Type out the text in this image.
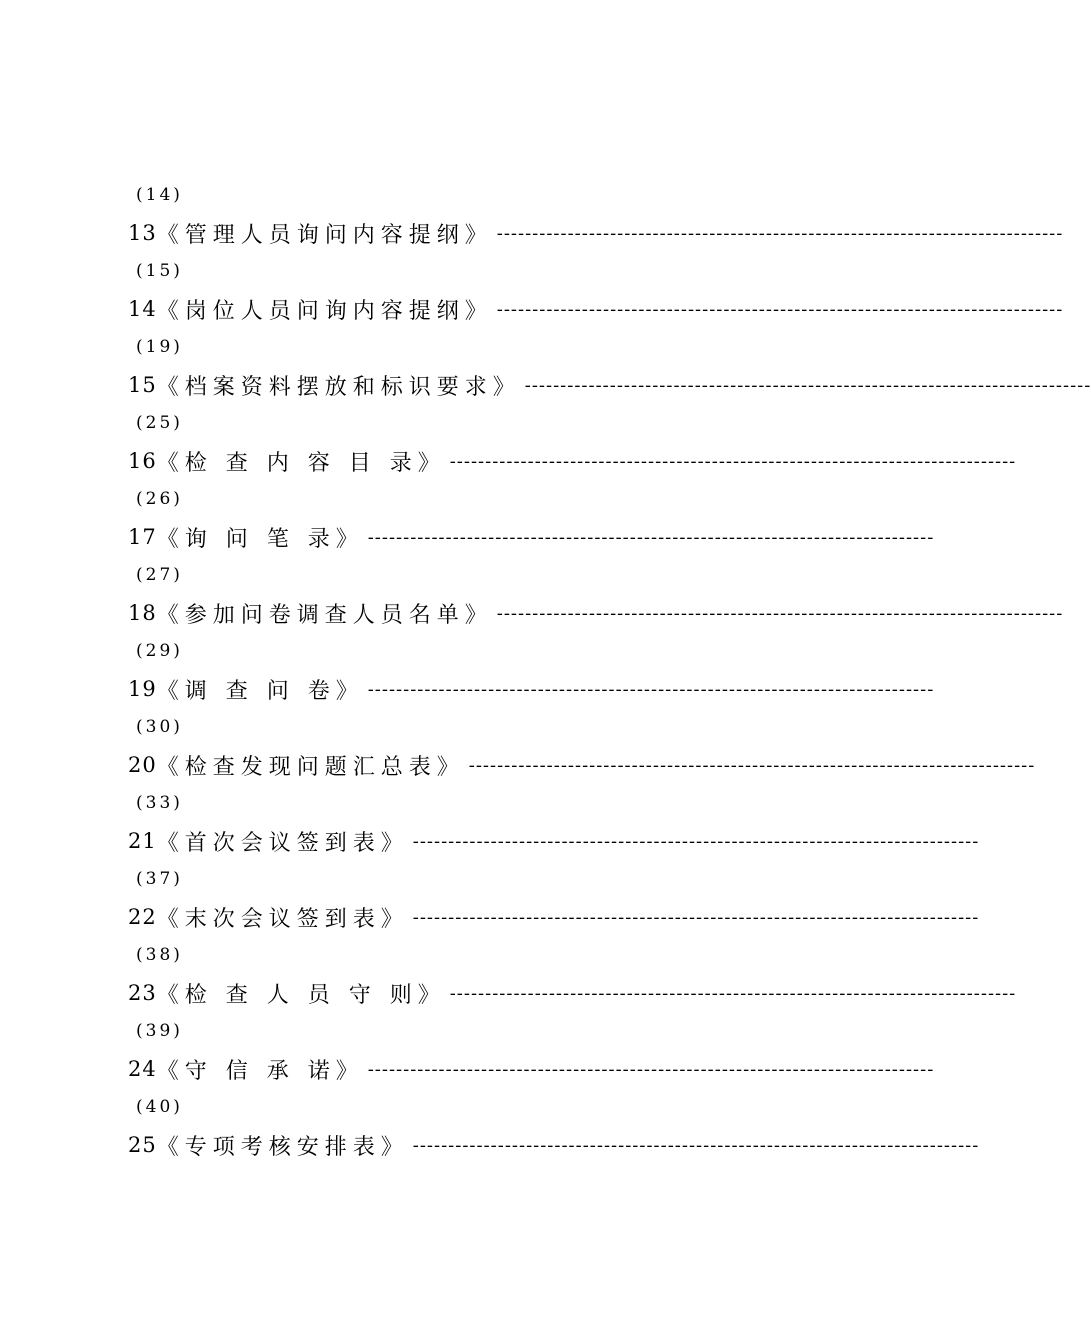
(14)
13 《管理人员询问内容提纲》 --------------------------------------------------------------------------------
(15)
14 《岗位人员问询内容提纲》 --------------------------------------------------------------------------------
(19)
15 《档案资料摆放和标识要求》 --------------------------------------------------------------------------------
(25)
16 《检 查 内 容 目 录》 --------------------------------------------------------------------------------
(26)
17 《询 问 笔 录》 --------------------------------------------------------------------------------
(27)
18 《参加问卷调查人员名单》 --------------------------------------------------------------------------------
(29)
19 《调 查 问 卷》 --------------------------------------------------------------------------------
(30)
20 《检查发现问题汇总表》 --------------------------------------------------------------------------------
(33)
21 《首次会议签到表》 --------------------------------------------------------------------------------
(37)
22 《末次会议签到表》 --------------------------------------------------------------------------------
(38)
23 《检 查 人 员 守 则》 --------------------------------------------------------------------------------
(39)
24 《守 信 承 诺》 --------------------------------------------------------------------------------
(40)
25 《专项考核安排表》 --------------------------------------------------------------------------------
